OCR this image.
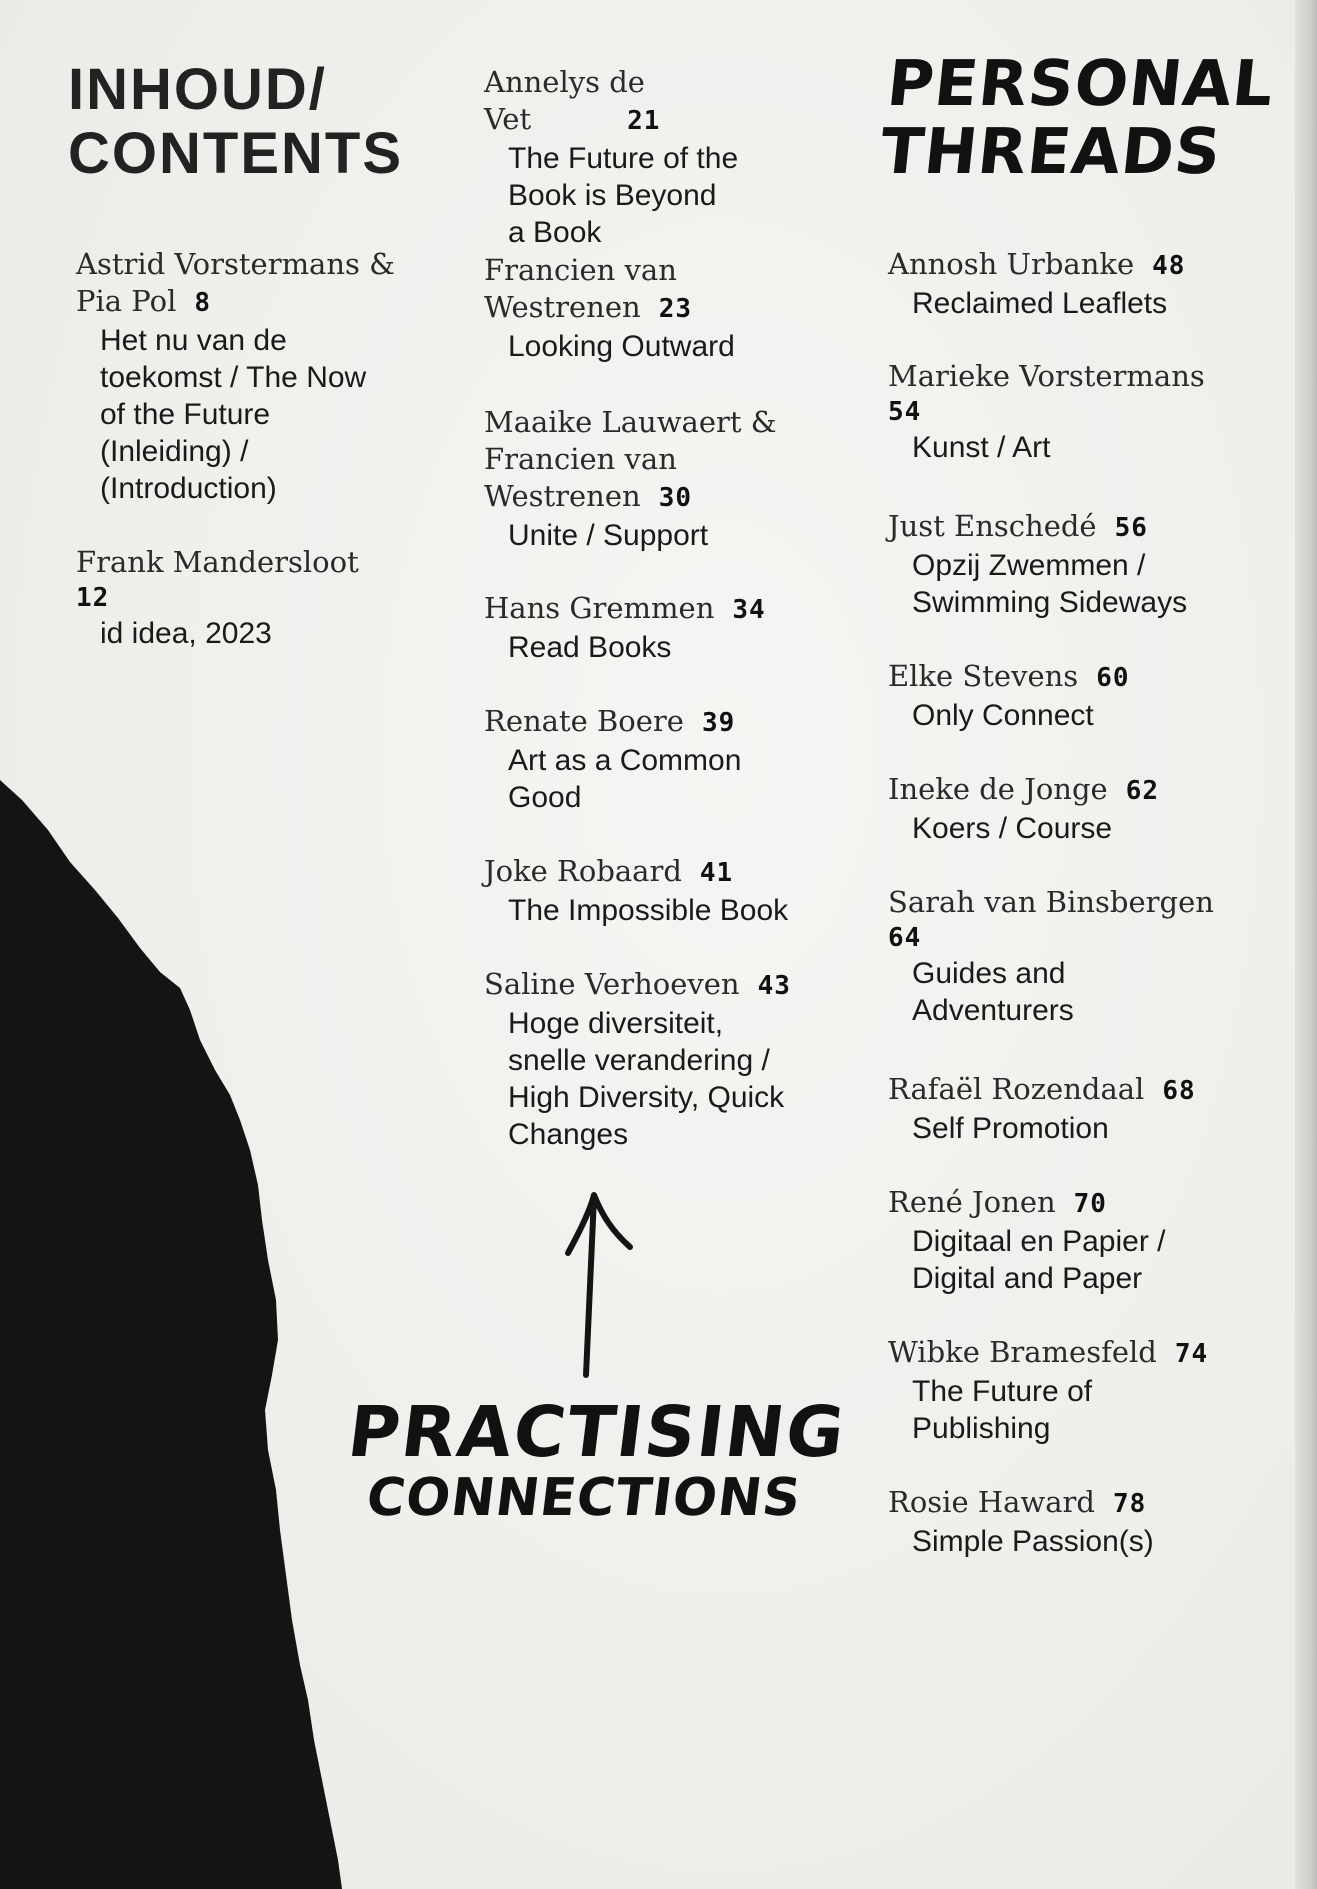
INHOUD/
CONTENTS
PERSONAL
THREADS
Astrid Vorstermans & Pia Pol 8
Het nu van de
toekomst / The Now
of the Future
(Inleiding) /
(Introduction)
Frank Mandersloot
12
id idea, 2023
Annelys de Vet	21
The Future of the
Book is Beyond
a Book
Francien van Westrenen 23
Looking Outward
Maaike Lauwaert & Francien van Westrenen 30
Unite / Support
Hans Gremmen 34
Read Books
Renate Boere 39
Art as a Common
Good
Joke Robaard 41
The Impossible Book
Saline Verhoeven 43
Hoge diversiteit,
snelle verandering /
High Diversity, Quick
Changes
PRACTISING
CONNECTIONS
Annosh Urbanke 48
Reclaimed Leaflets
Marieke Vorstermans
54
Kunst / Art
Just Enschedé 56
Opzij Zwemmen /
Swimming Sideways
Elke Stevens 60
Only Connect
Ineke de Jonge 62
Koers / Course
Sarah van Binsbergen
64
Guides and
Adventurers
Rafaël Rozendaal 68
Self Promotion
René Jonen 70
Digitaal en Papier /
Digital and Paper
Wibke Bramesfeld 74
The Future of
Publishing
Rosie Haward 78
Simple Passion(s)
